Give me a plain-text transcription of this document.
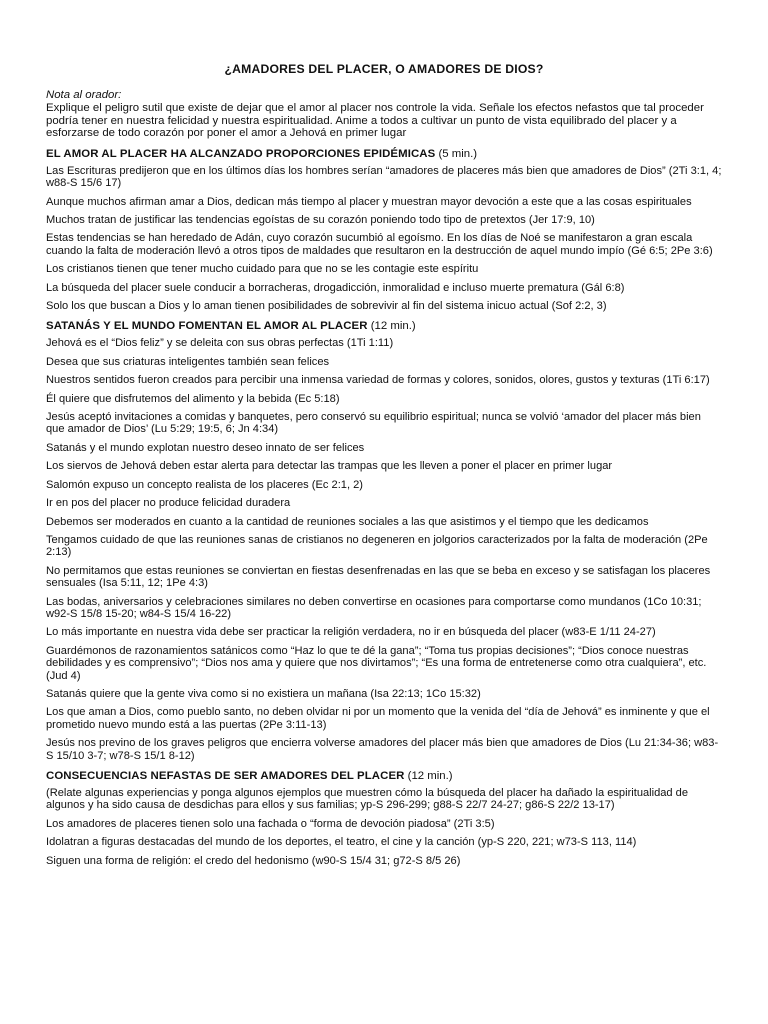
¿AMADORES DEL PLACER, O AMADORES DE DIOS?
Nota al orador:
Explique el peligro sutil que existe de dejar que el amor al placer nos controle la vida. Señale los efectos nefastos que tal proceder podría tener en nuestra felicidad y nuestra espiritualidad. Anime a todos a cultivar un punto de vista equilibrado del placer y a esforzarse de todo corazón por poner el amor a Jehová en primer lugar
EL AMOR AL PLACER HA ALCANZADO PROPORCIONES EPIDÉMICAS (5 min.)
Las Escrituras predijeron que en los últimos días los hombres serían “amadores de placeres más bien que amadores de Dios” (2Ti 3:1, 4; w88-S 15/6 17)
Aunque muchos afirman amar a Dios, dedican más tiempo al placer y muestran mayor devoción a este que a las cosas espirituales
Muchos tratan de justificar las tendencias egoístas de su corazón poniendo todo tipo de pretextos (Jer 17:9, 10)
Estas tendencias se han heredado de Adán, cuyo corazón sucumbió al egoísmo. En los días de Noé se manifestaron a gran escala cuando la falta de moderación llevó a otros tipos de maldades que resultaron en la destrucción de aquel mundo impío (Gé 6:5; 2Pe 3:6)
Los cristianos tienen que tener mucho cuidado para que no se les contagie este espíritu
La búsqueda del placer suele conducir a borracheras, drogadicción, inmoralidad e incluso muerte prematura (Gál 6:8)
Solo los que buscan a Dios y lo aman tienen posibilidades de sobrevivir al fin del sistema inicuo actual (Sof 2:2, 3)
SATANÁS Y EL MUNDO FOMENTAN EL AMOR AL PLACER (12 min.)
Jehová es el “Dios feliz” y se deleita con sus obras perfectas (1Ti 1:11)
Desea que sus criaturas inteligentes también sean felices
Nuestros sentidos fueron creados para percibir una inmensa variedad de formas y colores, sonidos, olores, gustos y texturas (1Ti 6:17)
Él quiere que disfrutemos del alimento y la bebida (Ec 5:18)
Jesús aceptó invitaciones a comidas y banquetes, pero conservó su equilibrio espiritual; nunca se volvió ‘amador del placer más bien que amador de Dios’ (Lu 5:29; 19:5, 6; Jn 4:34)
Satanás y el mundo explotan nuestro deseo innato de ser felices
Los siervos de Jehová deben estar alerta para detectar las trampas que les lleven a poner el placer en primer lugar
Salomón expuso un concepto realista de los placeres (Ec 2:1, 2)
Ir en pos del placer no produce felicidad duradera
Debemos ser moderados en cuanto a la cantidad de reuniones sociales a las que asistimos y el tiempo que les dedicamos
Tengamos cuidado de que las reuniones sanas de cristianos no degeneren en jolgorios caracterizados por la falta de moderación (2Pe 2:13)
No permitamos que estas reuniones se conviertan en fiestas desenfrenadas en las que se beba en exceso y se satisfagan los placeres sensuales (Isa 5:11, 12; 1Pe 4:3)
Las bodas, aniversarios y celebraciones similares no deben convertirse en ocasiones para comportarse como mundanos (1Co 10:31; w92-S 15/8 15-20; w84-S 15/4 16-22)
Lo más importante en nuestra vida debe ser practicar la religión verdadera, no ir en búsqueda del placer (w83-E 1/11 24-27)
Guardémonos de razonamientos satánicos como “Haz lo que te dé la gana”; “Toma tus propias decisiones”; “Dios conoce nuestras debilidades y es comprensivo”; “Dios nos ama y quiere que nos divirtamos”; “Es una forma de entretenerse como otra cualquiera”, etc. (Jud 4)
Satanás quiere que la gente viva como si no existiera un mañana (Isa 22:13; 1Co 15:32)
Los que aman a Dios, como pueblo santo, no deben olvidar ni por un momento que la venida del “día de Jehová” es inminente y que el prometido nuevo mundo está a las puertas (2Pe 3:11-13)
Jesús nos previno de los graves peligros que encierra volverse amadores del placer más bien que amadores de Dios (Lu 21:34-36; w83-S 15/10 3-7; w78-S 15/1 8-12)
CONSECUENCIAS NEFASTAS DE SER AMADORES DEL PLACER (12 min.)
(Relate algunas experiencias y ponga algunos ejemplos que muestren cómo la búsqueda del placer ha dañado la espiritualidad de algunos y ha sido causa de desdichas para ellos y sus familias; yp-S 296-299; g88-S 22/7 24-27; g86-S 22/2 13-17)
Los amadores de placeres tienen solo una fachada o “forma de devoción piadosa” (2Ti 3:5)
Idolatran a figuras destacadas del mundo de los deportes, el teatro, el cine y la canción (yp-S 220, 221; w73-S 113, 114)
Siguen una forma de religión: el credo del hedonismo (w90-S 15/4 31; g72-S 8/5 26)
